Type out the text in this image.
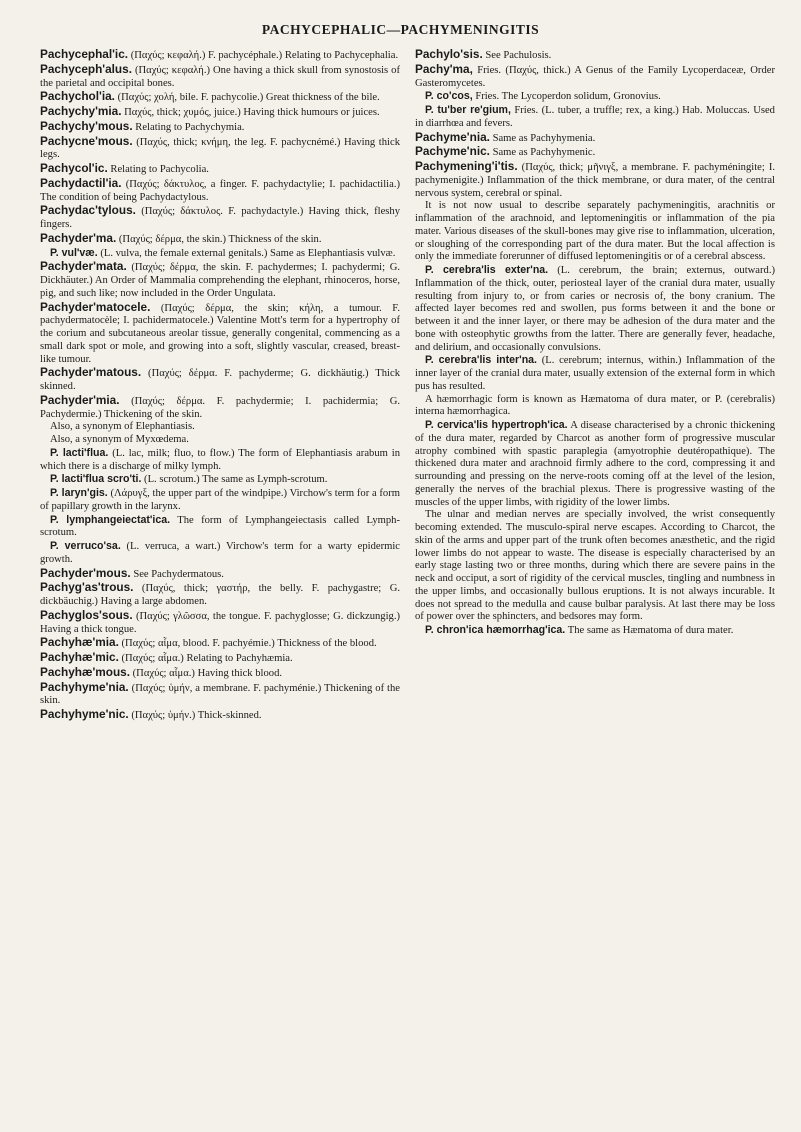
PACHYCEPHALIC—PACHYMENINGITIS

Pachycephal'ic. (Παχύς; κεφαλή.) F. pachycéphale.) Relating to Pachycephalia.

Pachyceph'alus. (Παχύς; κεφαλή.) One having a thick skull from synostosis of the parietal and occipital bones.

Pachychol'ia. (Παχύς; χολή, bile. F. pachycolie.) Great thickness of the bile.

Pachychy'mia. Παχύς, thick; χυμός, juice.) Having thick humours or juices.

Pachychy'mous. Relating to Pachychymia.

Pachycne'mous. (Παχύς, thick; κνήμη, the leg. F. pachycnémé.) Having thick legs.

Pachycol'ic. Relating to Pachycolia.

Pachydactil'ia. (Παχύς; δάκτυλος, a finger. F. pachydactylie; I. pachidactilia.) The condition of being Pachydactylous.

Pachydac'tylous. (Παχύς; δάκτυλος. F. pachydactyle.) Having thick, fleshy fingers.

Pachyder'ma. (Παχύς; δέρμα, the skin.) Thickness of the skin.

P. vul'væ. (L. vulva, the female external genitals.) Same as Elephantiasis vulvæ.

Pachyder'mata. (Παχύς; δέρμα, the skin. F. pachydermes; I. pachydermi; G. Dickhäuter.) An Order of Mammalia comprehending the elephant, rhinoceros, horse, pig, and such like; now included in the Order Ungulata.

Pachyder'matocele. (Παχύς; δέρμα, the skin; κήλη, a tumour. F. pachydermatocèle; I. pachidermatocele.) Valentine Mott's term for a hypertrophy of the corium and subcutaneous areolar tissue, generally congenital, commencing as a small dark spot or mole, and growing into a soft, slightly vascular, creased, breast-like tumour.

Pachyder'matous. (Παχύς; δέρμα. F. pachyderme; G. dickhäutig.) Thick skinned.

Pachyder'mia. (Παχύς; δέρμα. F. pachydermie; I. pachidermia; G. Pachydermie.) Thickening of the skin.

Also, a synonym of Elephantiasis.

Also, a synonym of Myxœdema.

P. lacti'flua. (L. lac, milk; fluo, to flow.) The form of Elephantiasis arabum in which there is a discharge of milky lymph.

P. lacti'flua scro'ti. (L. scrotum.) The same as Lymph-scrotum.

P. laryn'gis. (Λάρυγξ, the upper part of the windpipe.) Virchow's term for a form of papillary growth in the larynx.

P. lymphangeiectat'ica. The form of Lymphangeiectasis called Lymph-scrotum.

P. verruco'sa. (L. verruca, a wart.) Virchow's term for a warty epidermic growth.

Pachyder'mous. See Pachydermatous.

Pachyg'as'trous. (Παχύς, thick; γαστήρ, the belly. F. pachygastre; G. dickbäuchig.) Having a large abdomen.

Pachyglos'sous. (Παχύς; γλῶσσα, the tongue. F. pachyglosse; G. dickzungig.) Having a thick tongue.

Pachyhæ'mia. (Παχύς; αἷμα, blood. F. pachyémie.) Thickness of the blood.

Pachyhæ'mic. (Παχύς; αἷμα.) Relating to Pachyhæmia.

Pachyhæ'mous. (Παχύς; αἷμα.) Having thick blood.

Pachyhyme'nia. (Παχύς; ὑμήν, a membrane. F. pachyménie.) Thickening of the skin.

Pachyhyme'nic. (Παχύς; ὑμήν.) Thick-skinned.

Pachylo'sis. See Pachulosis.

Pachy'ma, Fries. (Παχύς, thick.) A Genus of the Family Lycoperdaceæ, Order Gasteromycetes.

P. co'cos, Fries. The Lycoperdon solidum, Gronovius.

P. tu'ber re'gium, Fries. (L. tuber, a truffle; rex, a king.) Hab. Moluccas. Used in diarrhœa and fevers.

Pachyme'nia. Same as Pachyhymenia.

Pachyme'nic. Same as Pachyhymenic.

Pachymening'i'tis. (Παχύς, thick; μῆνιγξ, a membrane. F. pachyméningite; I. pachymenigite.) Inflammation of the thick membrane, or dura mater, of the central nervous system, cerebral or spinal.

It is not now usual to describe separately pachymeningitis, arachnitis or inflammation of the arachnoid, and leptomeningitis or inflammation of the pia mater. Various diseases of the skull-bones may give rise to inflammation, ulceration, or sloughing of the corresponding part of the dura mater. But the local affection is only the immediate forerunner of diffused leptomeningitis or of a cerebral abscess.

P. cerebra'lis exter'na. (L. cerebrum, the brain; externus, outward.) Inflammation of the thick, outer, periosteal layer of the cranial dura mater, usually resulting from injury to, or from caries or necrosis of, the bony cranium. The affected layer becomes red and swollen, pus forms between it and the bone or between it and the inner layer, or there may be adhesion of the dura mater and the bone with osteophytic growths from the latter. There are generally fever, headache, and delirium, and occasionally convulsions.

P. cerebra'lis inter'na. (L. cerebrum; internus, within.) Inflammation of the inner layer of the cranial dura mater, usually extension of the external form in which pus has resulted.

A hæmorrhagic form is known as Hæmatoma of dura mater, or P. (cerebralis) interna hæmorrhagica.

P. cervica'lis hypertroph'ica. A disease characterised by a chronic thickening of the dura mater, regarded by Charcot as another form of progressive muscular atrophy combined with spastic paraplegia (amyotrophie deutéropathique). The thickened dura mater and arachnoid firmly adhere to the cord, compressing it and surrounding and pressing on the nerve-roots coming off at the level of the lesion, generally the nerves of the brachial plexus. There is progressive wasting of the muscles of the upper limbs, with rigidity of the lower limbs.

The ulnar and median nerves are specially involved, the wrist consequently becoming extended. The musculo-spiral nerve escapes. According to Charcot, the skin of the arms and upper part of the trunk often becomes anæsthetic, and the rigid lower limbs do not appear to waste. The disease is especially characterised by an early stage lasting two or three months, during which there are severe pains in the neck and occiput, a sort of rigidity of the cervical muscles, tingling and numbness in the upper limbs, and occasionally bullous eruptions. It is not always incurable. It does not spread to the medulla and cause bulbar paralysis. At last there may be loss of power over the sphincters, and bedsores may form.

P. chron'ica hæmorrhag'ica. The same as Hæmatoma of dura mater.
